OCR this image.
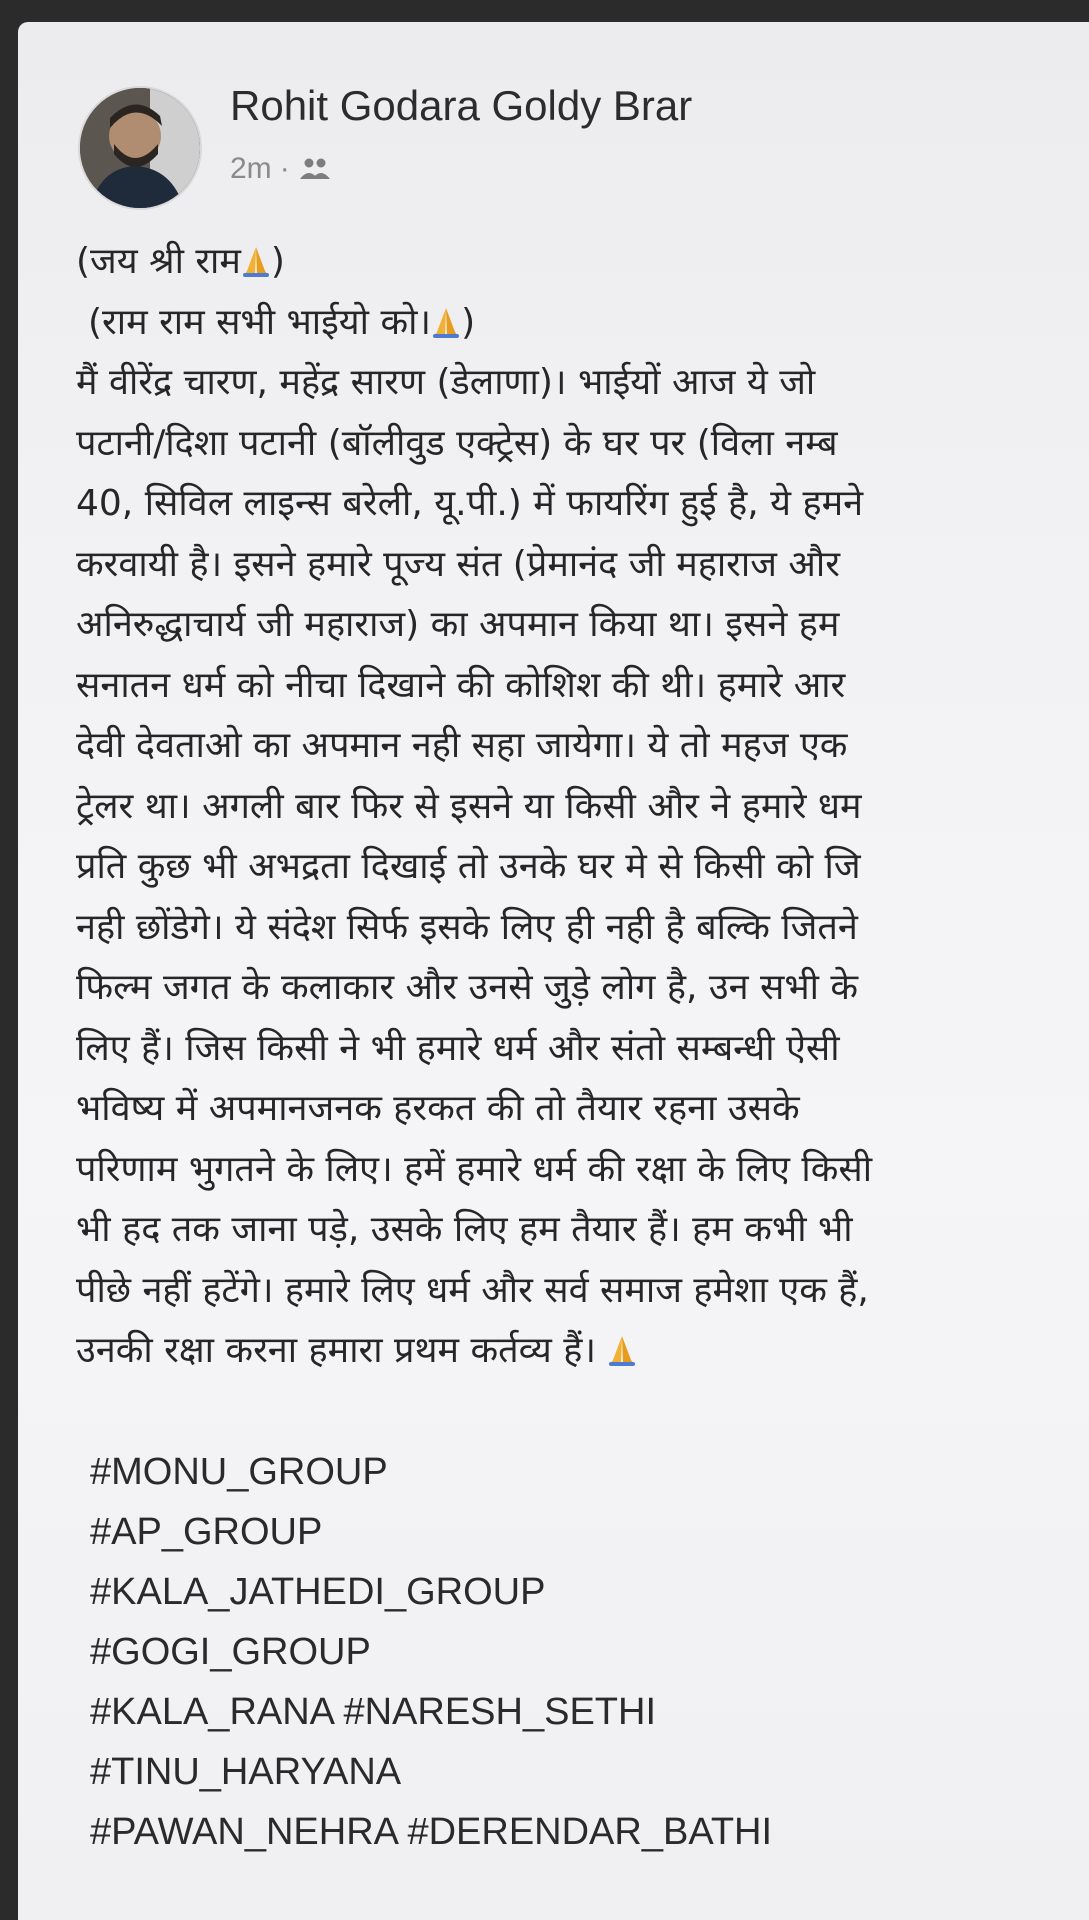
Rohit Godara Goldy Brar
2m ·
(जय श्री राम )
(राम राम सभी भाईयो को। )
मैं वीरेंद्र चारण, महेंद्र सारण (डेलाणा)। भाईयों आज ये जो
पटानी/दिशा पटानी (बॉलीवुड एक्ट्रेस) के घर पर (विला नम्ब
40, सिविल लाइन्स बरेली, यू.पी.) में फायरिंग हुई है, ये हमने
करवायी है। इसने हमारे पूज्य संत (प्रेमानंद जी महाराज और
अनिरुद्धाचार्य जी महाराज) का अपमान किया था। इसने हम
सनातन धर्म को नीचा दिखाने की कोशिश की थी। हमारे आर
देवी देवताओ का अपमान नही सहा जायेगा। ये तो महज एक
ट्रेलर था। अगली बार फिर से इसने या किसी और ने हमारे धम
प्रति कुछ भी अभद्रता दिखाई तो उनके घर मे से किसी को जि
नही छोंडेगे। ये संदेश सिर्फ इसके लिए ही नही है बल्कि जितने
फिल्म जगत के कलाकार और उनसे जुड़े लोग है, उन सभी के
लिए हैं। जिस किसी ने भी हमारे धर्म और संतो सम्बन्धी ऐसी
भविष्य में अपमानजनक हरकत की तो तैयार रहना उसके
परिणाम भुगतने के लिए। हमें हमारे धर्म की रक्षा के लिए किसी
भी हद तक जाना पड़े, उसके लिए हम तैयार हैं। हम कभी भी
पीछे नहीं हटेंगे। हमारे लिए धर्म और सर्व समाज हमेशा एक हैं,
उनकी रक्षा करना हमारा प्रथम कर्तव्य हैं।
#MONU_GROUP
#AP_GROUP
#KALA_JATHEDI_GROUP
#GOGI_GROUP
#KALA_RANA #NARESH_SETHI
#TINU_HARYANA
#PAWAN_NEHRA #DERENDAR_BATHI
